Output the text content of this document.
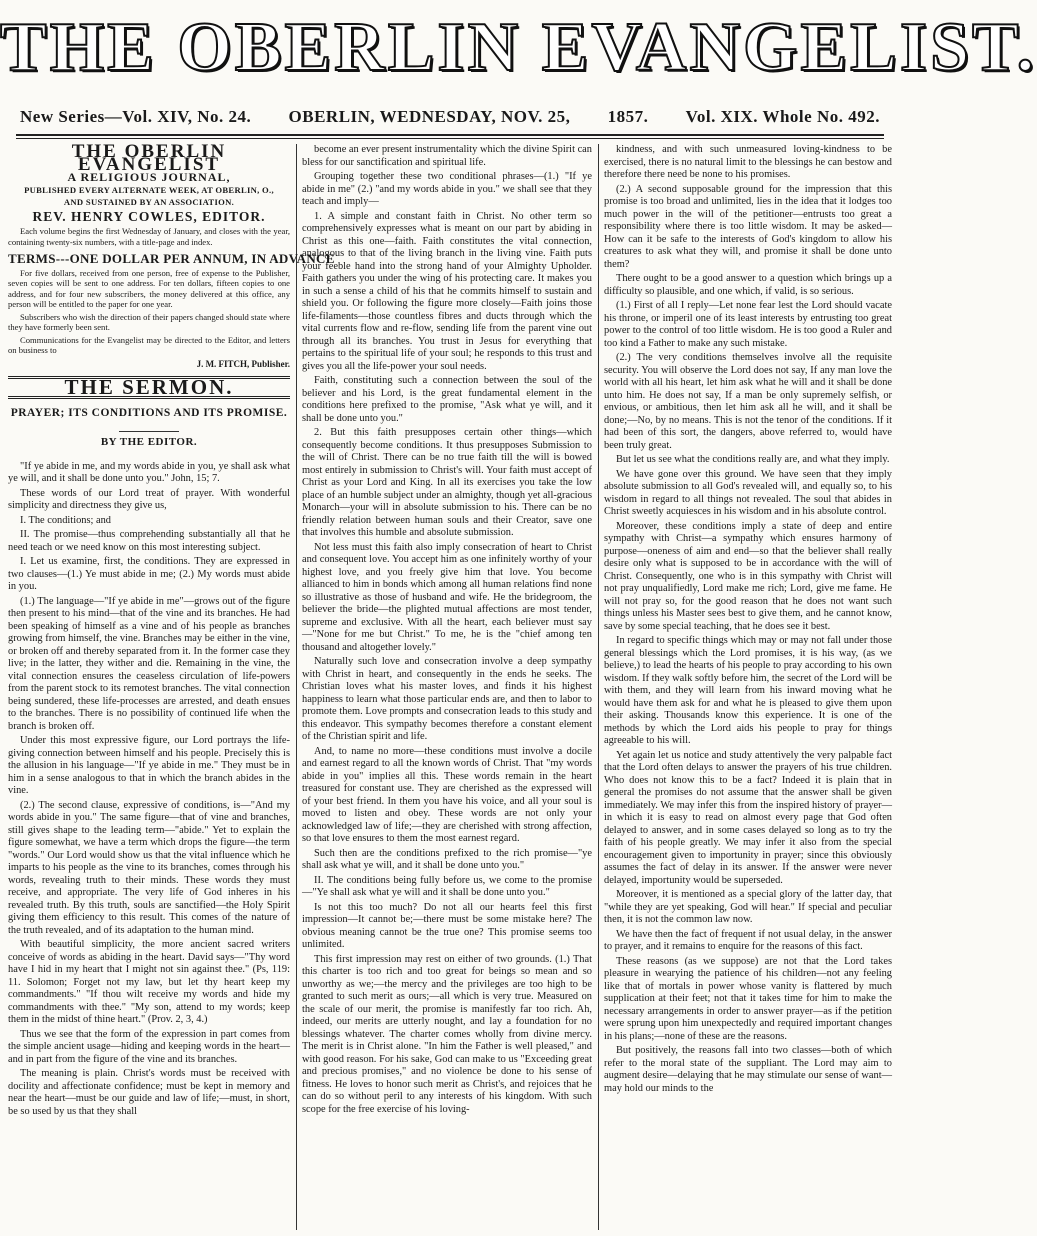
THE OBERLIN EVANGELIST.
New Series—Vol. XIV, No. 24. OBERLIN, WEDNESDAY, NOV. 25, 1857. Vol. XIX. Whole No. 492.
THE OBERLIN EVANGELIST
A RELIGIOUS JOURNAL,
PUBLISHED EVERY ALTERNATE WEEK, AT OBERLIN, O.,
AND SUSTAINED BY AN ASSOCIATION.
REV. HENRY COWLES, EDITOR.

Each volume begins the first Wednesday of January, and closes with the year, containing twenty-six numbers, with a title-page and index.

TERMS---ONE DOLLAR PER ANNUM, IN ADVANCE

For five dollars, received from one person, free of expense to the Publisher, seven copies will be sent to one address. For ten dollars, fifteen copies to one address, and for four new subscribers, the money delivered at this office, any person will be entitled to the paper for one year.

Subscribers who wish the direction of their papers changed should state where they have formerly been sent.

Communications for the Evangelist may be directed to the Editor, and letters on business to

J. M. FITCH, Publisher.
THE SERMON.
PRAYER; ITS CONDITIONS AND ITS PROMISE.
BY THE EDITOR.

"If ye abide in me, and my words abide in you, ye shall ask what ye will, and it shall be done unto you." John, 15; 7.

These words of our Lord treat of prayer. With wonderful simplicity and directness they give us,

I. The conditions; and

II. The promise—thus comprehending substantially all that he need teach or we need know on this most interesting subject.

I. Let us examine, first, the conditions. They are expressed in two clauses—(1.) Ye must abide in me; (2.) My words must abide in you.

(1.) The language—"If ye abide in me"—grows out of the figure then present to his mind—that of the vine and its branches. He had been speaking of himself as a vine and of his people as branches growing from himself, the vine. Branches may be either in the vine, or broken off and thereby separated from it. In the former case they live; in the latter, they wither and die. Remaining in the vine, the vital connection ensures the ceaseless circulation of life-powers from the parent stock to its remotest branches. The vital connection being sundered, these life-processes are arrested, and death ensues to the branches. There is no possibility of continued life when the branch is broken off.

Under this most expressive figure, our Lord portrays the life-giving connection between himself and his people. Precisely this is the allusion in his language—"If ye abide in me." They must be in him in a sense analogous to that in which the branch abides in the vine.

(2.) The second clause, expressive of conditions, is—"And my words abide in you." The same figure—that of vine and branches, still gives shape to the leading term—"abide." Yet to explain the figure somewhat, we have a term which drops the figure—the term "words." Our Lord would show us that the vital influence which he imparts to his people as the vine to its branches, comes through his words, revealing truth to their minds. These words they must receive, and appropriate. The very life of God inheres in his revealed truth. By this truth, souls are sanctified—the Holy Spirit giving them efficiency to this result. This comes of the nature of the truth revealed, and of its adaptation to the human mind.

With beautiful simplicity, the more ancient sacred writers conceive of words as abiding in the heart. David says—"Thy word have I hid in my heart that I might not sin against thee." (Ps, 119: 11. Solomon; Forget not my law, but let thy heart keep my commandments." "If thou wilt receive my words and hide my commandments with thee." "My son, attend to my words; keep them in the midst of thine heart." (Prov. 2, 3, 4.)

Thus we see that the form of the expression in part comes from the simple ancient usage—hiding and keeping words in the heart—and in part from the figure of the vine and its branches.

The meaning is plain. Christ's words must be received with docility and affectionate confidence; must be kept in memory and near the heart—must be our guide and law of life;—must, in short, be so used by us that they shall

become an ever present instrumentality which the divine Spirit can bless for our sanctification and spiritual life.

Grouping together these two conditional phrases—(1.) "If ye abide in me" (2.) "and my words abide in you." we shall see that they teach and imply—

1. A simple and constant faith in Christ. No other term so comprehensively expresses what is meant on our part by abiding in Christ as this one—faith. Faith constitutes the vital connection, analogous to that of the living branch in the living vine. Faith puts your feeble hand into the strong hand of your Almighty Upholder. Faith gathers you under the wing of his protecting care. It makes you in such a sense a child of his that he commits himself to sustain and shield you. Or following the figure more closely—Faith joins those life-filaments—those countless fibres and ducts through which the vital currents flow and re-flow, sending life from the parent vine out through all its branches. You trust in Jesus for everything that pertains to the spiritual life of your soul; he responds to this trust and gives you all the life-power your soul needs.

Faith, constituting such a connection between the soul of the believer and his Lord, is the great fundamental element in the conditions here prefixed to the promise, "Ask what ye will, and it shall be done unto you."

2. But this faith presupposes certain other things—which consequently become conditions. It thus presupposes Submission to the will of Christ. There can be no true faith till the will is bowed most entirely in submission to Christ's will. Your faith must accept of Christ as your Lord and King. In all its exercises you take the low place of an humble subject under an almighty, though yet all-gracious Monarch—your will in absolute submission to his. There can be no friendly relation between human souls and their Creator, save one that involves this humble and absolute submission.

Not less must this faith also imply consecration of heart to Christ and consequent love. You accept him as one infinitely worthy of your highest love, and you freely give him that love. You become allianced to him in bonds which among all human relations find none so illustrative as those of husband and wife. He the bridegroom, the believer the bride—the plighted mutual affections are most tender, supreme and exclusive. With all the heart, each believer must say—"None for me but Christ." To me, he is the "chief among ten thousand and altogether lovely."

Naturally such love and consecration involve a deep sympathy with Christ in heart, and consequently in the ends he seeks. The Christian loves what his master loves, and finds it his highest happiness to learn what those particular ends are, and then to labor to promote them. Love prompts and consecration leads to this study and this endeavor. This sympathy becomes therefore a constant element of the Christian spirit and life.

And, to name no more—these conditions must involve a docile and earnest regard to all the known words of Christ. That "my words abide in you" implies all this. These words remain in the heart treasured for constant use. They are cherished as the expressed will of your best friend. In them you have his voice, and all your soul is moved to listen and obey. These words are not only your acknowledged law of life;—they are cherished with strong affection, so that love ensures to them the most earnest regard.

Such then are the conditions prefixed to the rich promise—"ye shall ask what ye will, and it shall be done unto you."

II. The conditions being fully before us, we come to the promise—"Ye shall ask what ye will and it shall be done unto you."

Is not this too much? Do not all our hearts feel this first impression—It cannot be;—there must be some mistake here? The obvious meaning cannot be the true one? This promise seems too unlimited.

This first impression may rest on either of two grounds. (1.) That this charter is too rich and too great for beings so mean and so unworthy as we;—the mercy and the privileges are too high to be granted to such merit as ours;—all which is very true. Measured on the scale of our merit, the promise is manifestly far too rich. Ah, indeed, our merits are utterly nought, and lay a foundation for no blessings whatever. The charter comes wholly from divine mercy. The merit is in Christ alone. "In him the Father is well pleased," and with good reason. For his sake, God can make to us "Exceeding great and precious promises," and no violence be done to his sense of fitness. He loves to honor such merit as Christ's, and rejoices that he can do so without peril to any interests of his kingdom. With such scope for the free exercise of his loving-

kindness, and with such unmeasured loving-kindness to be exercised, there is no natural limit to the blessings he can bestow and therefore there need be none to his promises.

(2.) A second supposable ground for the impression that this promise is too broad and unlimited, lies in the idea that it lodges too much power in the will of the petitioner—entrusts too great a responsibility where there is too little wisdom. It may be asked—How can it be safe to the interests of God's kingdom to allow his creatures to ask what they will, and promise it shall be done unto them?

There ought to be a good answer to a question which brings up a difficulty so plausible, and one which, if valid, is so serious.

(1.) First of all I reply—Let none fear lest the Lord should vacate his throne, or imperil one of its least interests by entrusting too great power to the control of too little wisdom. He is too good a Ruler and too kind a Father to make any such mistake.

(2.) The very conditions themselves involve all the requisite security. You will observe the Lord does not say, If any man love the world with all his heart, let him ask what he will and it shall be done unto him. He does not say, If a man be only supremely selfish, or envious, or ambitious, then let him ask all he will, and it shall be done;—No, by no means. This is not the tenor of the conditions. If it had been of this sort, the dangers, above referred to, would have been truly great.

But let us see what the conditions really are, and what they imply.

We have gone over this ground. We have seen that they imply absolute submission to all God's revealed will, and equally so, to his wisdom in regard to all things not revealed. The soul that abides in Christ sweetly acquiesces in his wisdom and in his absolute control.

Moreover, these conditions imply a state of deep and entire sympathy with Christ—a sympathy which ensures harmony of purpose—oneness of aim and end—so that the believer shall really desire only what is supposed to be in accordance with the will of Christ. Consequently, one who is in this sympathy with Christ will not pray unqualifiedly, Lord make me rich; Lord, give me fame. He will not pray so, for the good reason that he does not want such things unless his Master sees best to give them, and he cannot know, save by some special teaching, that he does see it best.

In regard to specific things which may or may not fall under those general blessings which the Lord promises, it is his way, (as we believe,) to lead the hearts of his people to pray according to his own wisdom. If they walk softly before him, the secret of the Lord will be with them, and they will learn from his inward moving what he would have them ask for and what he is pleased to give them upon their asking. Thousands know this experience. It is one of the methods by which the Lord aids his people to pray for things agreeable to his will.

Yet again let us notice and study attentively the very palpable fact that the Lord often delays to answer the prayers of his true children. Who does not know this to be a fact? Indeed it is plain that in general the promises do not assume that the answer shall be given immediately. We may infer this from the inspired history of prayer—in which it is easy to read on almost every page that God often delayed to answer, and in some cases delayed so long as to try the faith of his people greatly. We may infer it also from the special encouragement given to importunity in prayer; since this obviously assumes the fact of delay in its answer. If the answer were never delayed, importunity would be superseded.

Moreover, it is mentioned as a special glory of the latter day, that "while they are yet speaking, God will hear." If special and peculiar then, it is not the common law now.

We have then the fact of frequent if not usual delay, in the answer to prayer, and it remains to enquire for the reasons of this fact.

These reasons (as we suppose) are not that the Lord takes pleasure in wearying the patience of his children—not any feeling like that of mortals in power whose vanity is flattered by much supplication at their feet; not that it takes time for him to make the necessary arrangements in order to answer prayer—as if the petition were sprung upon him unexpectedly and required important changes in his plans;—none of these are the reasons.

But positively, the reasons fall into two classes—both of which refer to the moral state of the suppliant. The Lord may aim to augment desire—delaying that he may stimulate our sense of want—may hold our minds to the
